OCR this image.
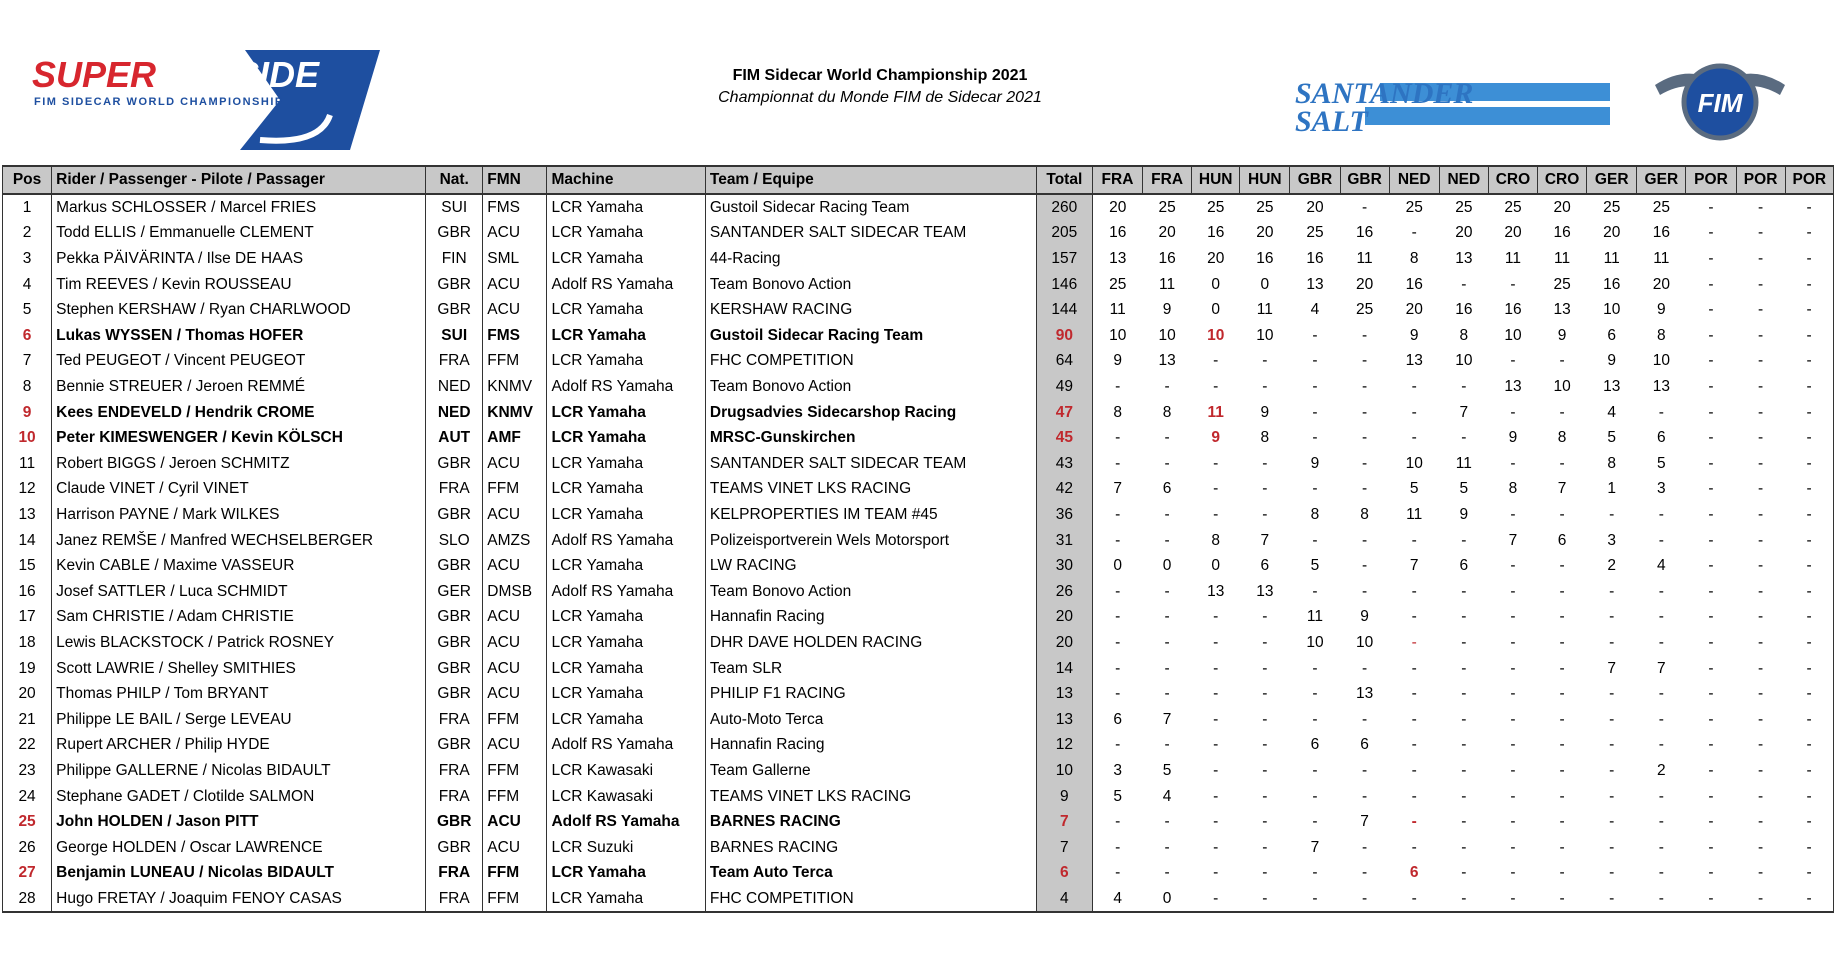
SUPER SIDE
FIM SIDECAR WORLD CHAMPIONSHIP
FIM Sidecar World Championship 2021
Championnat du Monde FIM de Sidecar 2021	SANTANDER
SALT
FIM
Pos	Rider / Passenger - Pilote / Passager	Nat.	FMN	Machine	Team / Equipe	Total	FRA	FRA	HUN	HUN	GBR	GBR	NED	NED	CRO	CRO	GER	GER	POR	POR	POR
1	Markus SCHLOSSER / Marcel FRIES	SUI	FMS	LCR Yamaha	Gustoil Sidecar Racing Team	260	20	25	25	25	20	-	25	25	25	20	25	25	-	-	-
2	Todd ELLIS / Emmanuelle CLEMENT	GBR	ACU	LCR Yamaha	SANTANDER SALT SIDECAR TEAM	205	16	20	16	20	25	16	-	20	20	16	20	16	-	-	-
3	Pekka PÄIVÄRINTA / Ilse DE HAAS	FIN	SML	LCR Yamaha	44-Racing	157	13	16	20	16	16	11	8	13	11	11	11	11	-	-	-
4	Tim REEVES / Kevin ROUSSEAU	GBR	ACU	Adolf RS Yamaha	Team Bonovo Action	146	25	11	0	0	13	20	16	-	-	25	16	20	-	-	-
5	Stephen KERSHAW / Ryan CHARLWOOD	GBR	ACU	LCR Yamaha	KERSHAW RACING	144	11	9	0	11	4	25	20	16	16	13	10	9	-	-	-
6	Lukas WYSSEN / Thomas HOFER	SUI	FMS	LCR Yamaha	Gustoil Sidecar Racing Team	90	10	10	10	10	-	-	9	8	10	9	6	8	-	-	-
7	Ted PEUGEOT / Vincent PEUGEOT	FRA	FFM	LCR Yamaha	FHC COMPETITION	64	9	13	-	-	-	-	13	10	-	-	9	10	-	-	-
8	Bennie STREUER / Jeroen REMMÉ	NED	KNMV	Adolf RS Yamaha	Team Bonovo Action	49	-	-	-	-	-	-	-	-	13	10	13	13	-	-	-
9	Kees ENDEVELD / Hendrik CROME	NED	KNMV	LCR Yamaha	Drugsadvies Sidecarshop Racing	47	8	8	11	9	-	-	-	7	-	-	4	-	-	-	-
10	Peter KIMESWENGER / Kevin KÖLSCH	AUT	AMF	LCR Yamaha	MRSC-Gunskirchen	45	-	-	9	8	-	-	-	-	9	8	5	6	-	-	-
11	Robert BIGGS / Jeroen SCHMITZ	GBR	ACU	LCR Yamaha	SANTANDER SALT SIDECAR TEAM	43	-	-	-	-	9	-	10	11	-	-	8	5	-	-	-
12	Claude VINET / Cyril VINET	FRA	FFM	LCR Yamaha	TEAMS VINET LKS RACING	42	7	6	-	-	-	-	5	5	8	7	1	3	-	-	-
13	Harrison PAYNE / Mark WILKES	GBR	ACU	LCR Yamaha	KELPROPERTIES IM TEAM #45	36	-	-	-	-	8	8	11	9	-	-	-	-	-	-	-
14	Janez REMŠE / Manfred WECHSELBERGER	SLO	AMZS	Adolf RS Yamaha	Polizeisportverein Wels Motorsport	31	-	-	8	7	-	-	-	-	7	6	3	-	-	-	-
15	Kevin CABLE / Maxime VASSEUR	GBR	ACU	LCR Yamaha	LW RACING	30	0	0	0	6	5	-	7	6	-	-	2	4	-	-	-
16	Josef SATTLER / Luca SCHMIDT	GER	DMSB	Adolf RS Yamaha	Team Bonovo Action	26	-	-	13	13	-	-	-	-	-	-	-	-	-	-	-
17	Sam CHRISTIE / Adam CHRISTIE	GBR	ACU	LCR Yamaha	Hannafin Racing	20	-	-	-	-	11	9	-	-	-	-	-	-	-	-	-
18	Lewis BLACKSTOCK / Patrick ROSNEY	GBR	ACU	LCR Yamaha	DHR DAVE HOLDEN RACING	20	-	-	-	-	10	10	-	-	-	-	-	-	-	-	-
19	Scott LAWRIE / Shelley SMITHIES	GBR	ACU	LCR Yamaha	Team SLR	14	-	-	-	-	-	-	-	-	-	-	7	7	-	-	-
20	Thomas PHILP / Tom BRYANT	GBR	ACU	LCR Yamaha	PHILIP F1 RACING	13	-	-	-	-	-	13	-	-	-	-	-	-	-	-	-
21	Philippe LE BAIL / Serge LEVEAU	FRA	FFM	LCR Yamaha	Auto-Moto Terca	13	6	7	-	-	-	-	-	-	-	-	-	-	-	-	-
22	Rupert ARCHER / Philip HYDE	GBR	ACU	Adolf RS Yamaha	Hannafin Racing	12	-	-	-	-	6	6	-	-	-	-	-	-	-	-	-
23	Philippe GALLERNE / Nicolas BIDAULT	FRA	FFM	LCR Kawasaki	Team Gallerne	10	3	5	-	-	-	-	-	-	-	-	-	2	-	-	-
24	Stephane GADET / Clotilde SALMON	FRA	FFM	LCR Kawasaki	TEAMS VINET LKS RACING	9	5	4	-	-	-	-	-	-	-	-	-	-	-	-	-
25	John HOLDEN / Jason PITT	GBR	ACU	Adolf RS Yamaha	BARNES RACING	7	-	-	-	-	-	7	-	-	-	-	-	-	-	-	-
26	George HOLDEN / Oscar LAWRENCE	GBR	ACU	LCR Suzuki	BARNES RACING	7	-	-	-	-	7	-	-	-	-	-	-	-	-	-	-
27	Benjamin LUNEAU / Nicolas BIDAULT	FRA	FFM	LCR Yamaha	Team Auto Terca	6	-	-	-	-	-	-	6	-	-	-	-	-	-	-	-
28	Hugo FRETAY / Joaquim FENOY CASAS	FRA	FFM	LCR Yamaha	FHC COMPETITION	4	4	0	-	-	-	-	-	-	-	-	-	-	-	-	-
